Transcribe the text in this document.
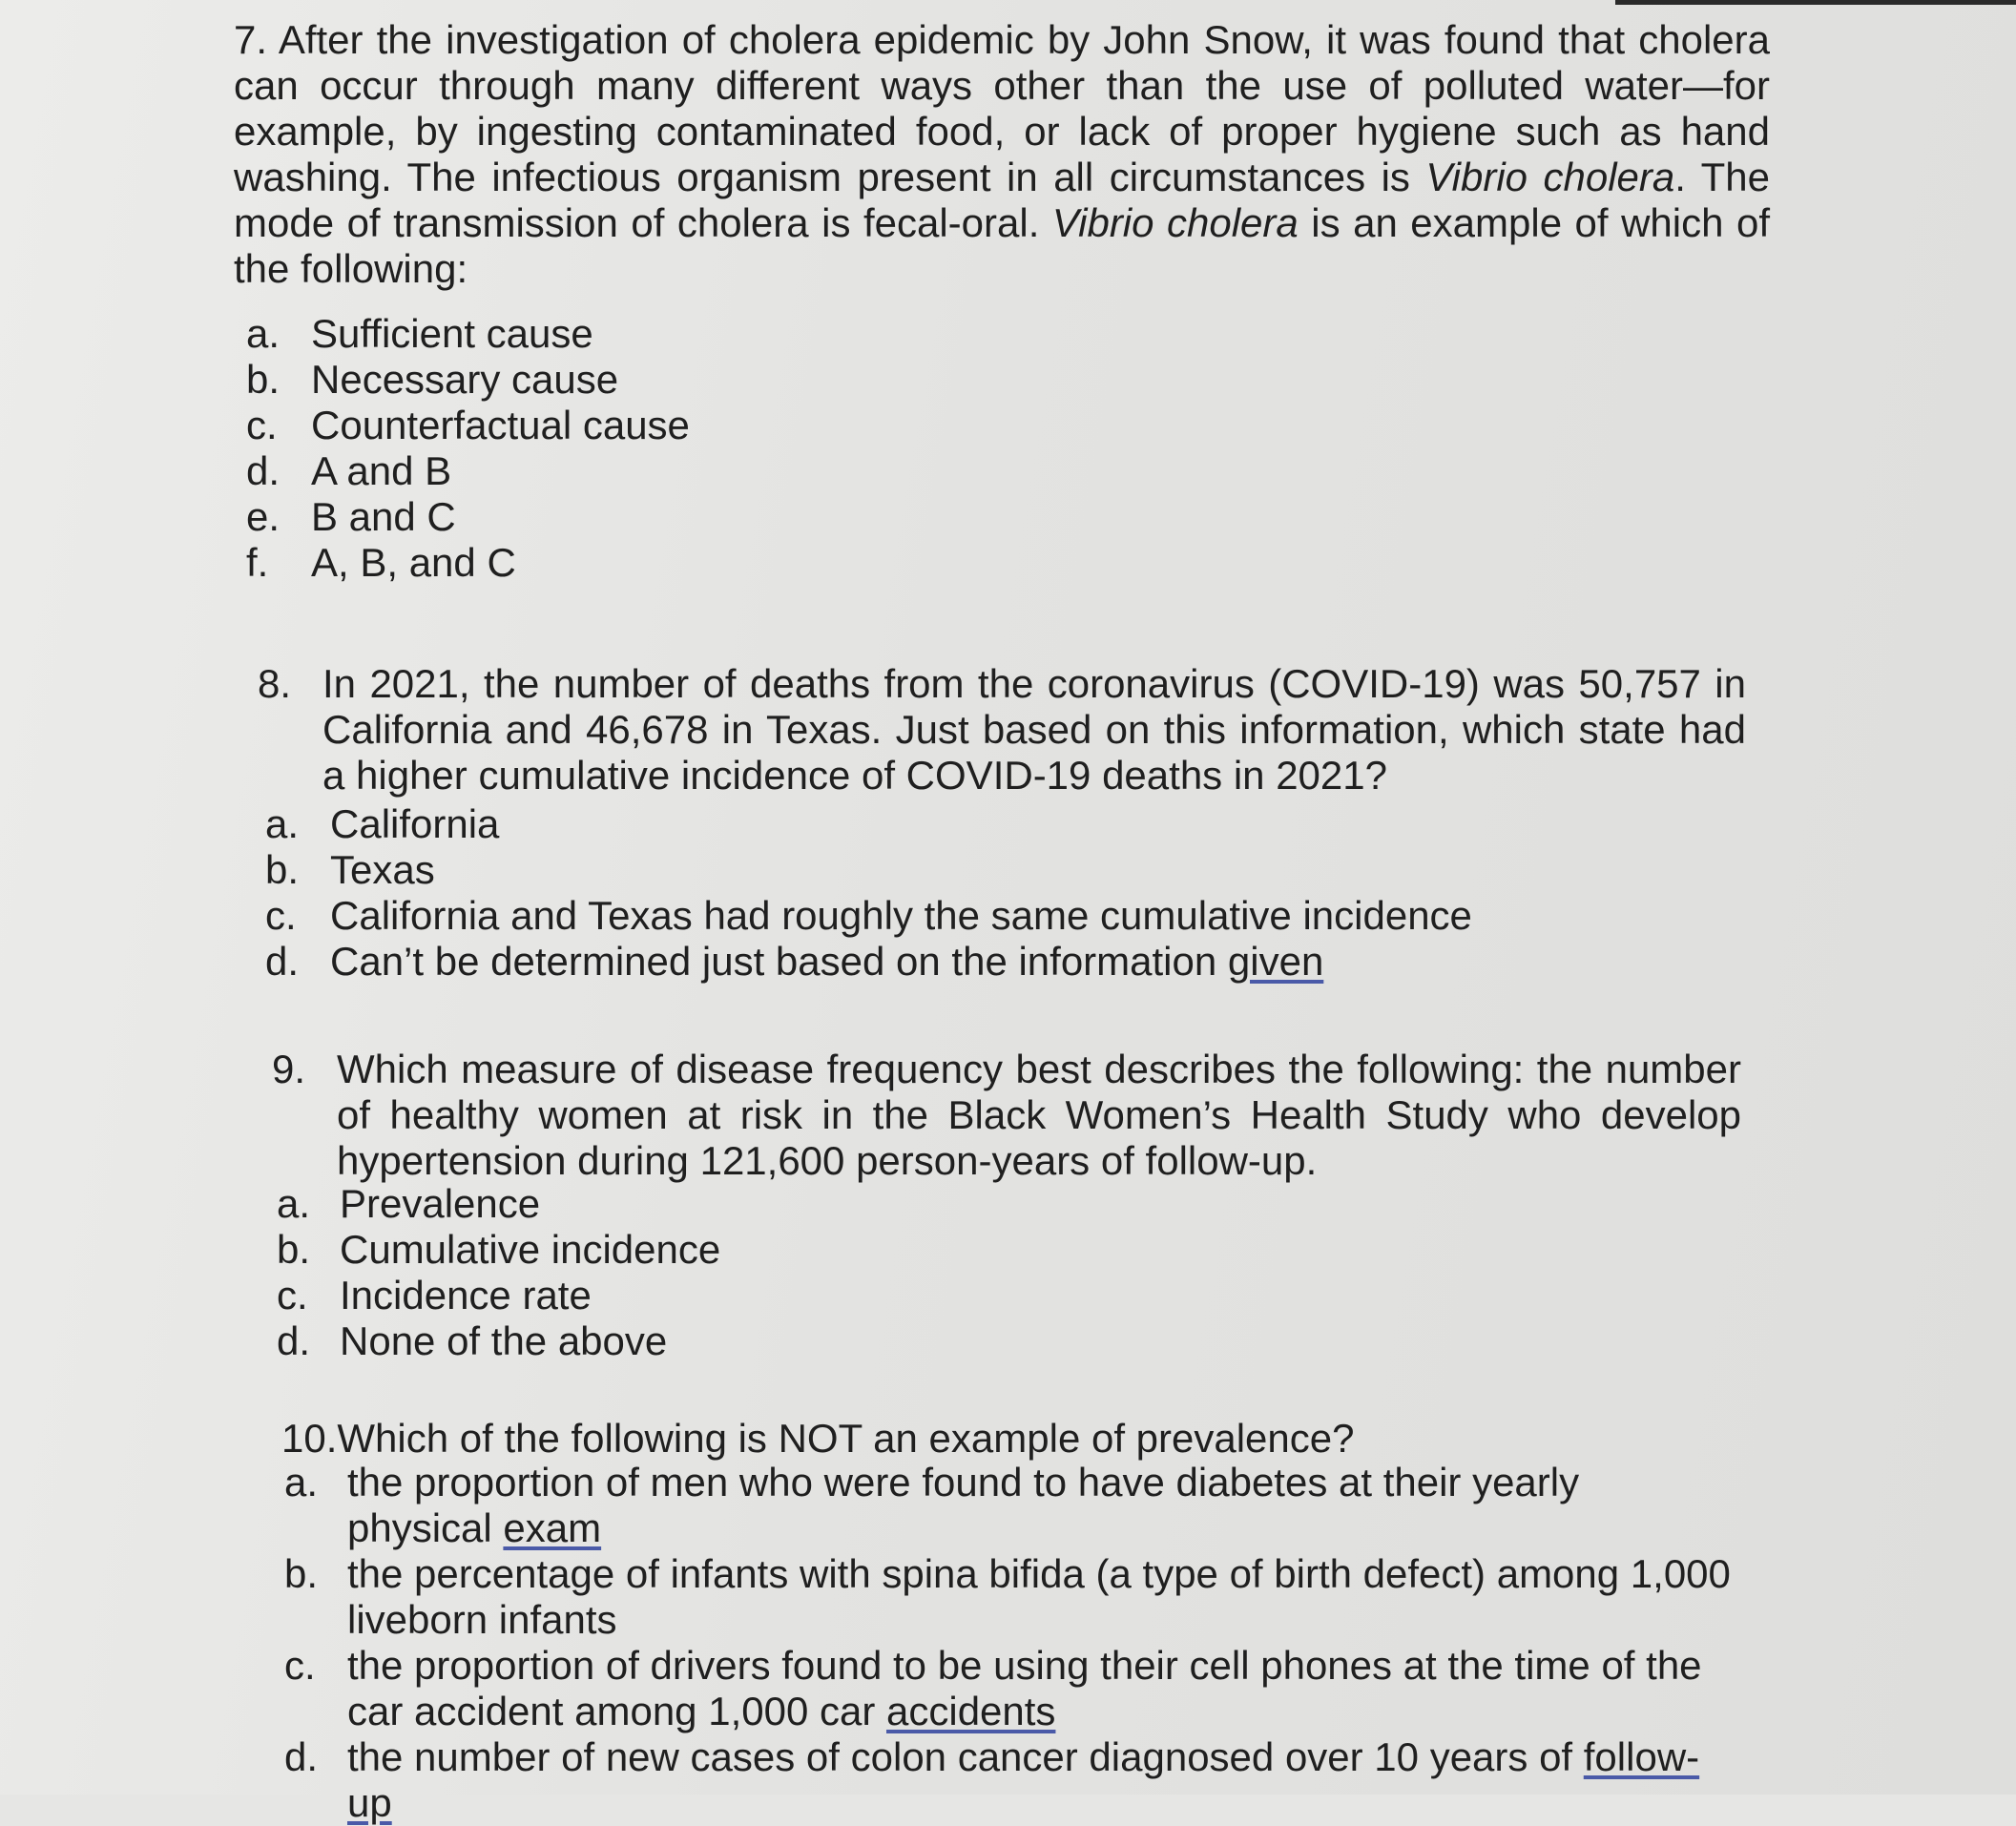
7. After the investigation of cholera epidemic by John Snow, it was found that cholera can occur through many different ways other than the use of polluted water—for example, by ingesting contaminated food, or lack of proper hygiene such as hand washing. The infectious organism present in all circumstances is Vibrio cholera. The mode of transmission of cholera is fecal-oral. Vibrio cholera is an example of which of the following:
a. Sufficient cause
b. Necessary cause
c. Counterfactual cause
d. A and B
e. B and C
f.	A, B, and C
8. In 2021, the number of deaths from the coronavirus (COVID-19) was 50,757 in California and 46,678 in Texas. Just based on this information, which state had a higher cumulative incidence of COVID-19 deaths in 2021?
a. California
b. Texas
c. California and Texas had roughly the same cumulative incidence
d. Can’t be determined just based on the information given
9. Which measure of disease frequency best describes the following: the number of healthy women at risk in the Black Women’s Health Study who develop hypertension during 121,600 person-years of follow-up.
a. Prevalence
b. Cumulative incidence
c. Incidence rate
d. None of the above
10.Which of the following is NOT an example of prevalence?
a. the proportion of men who were found to have diabetes at their yearly physical exam
b. the percentage of infants with spina bifida (a type of birth defect) among 1,000 liveborn infants
c. the proportion of drivers found to be using their cell phones at the time of the car accident among 1,000 car accidents
d. the number of new cases of colon cancer diagnosed over 10 years of follow-up
